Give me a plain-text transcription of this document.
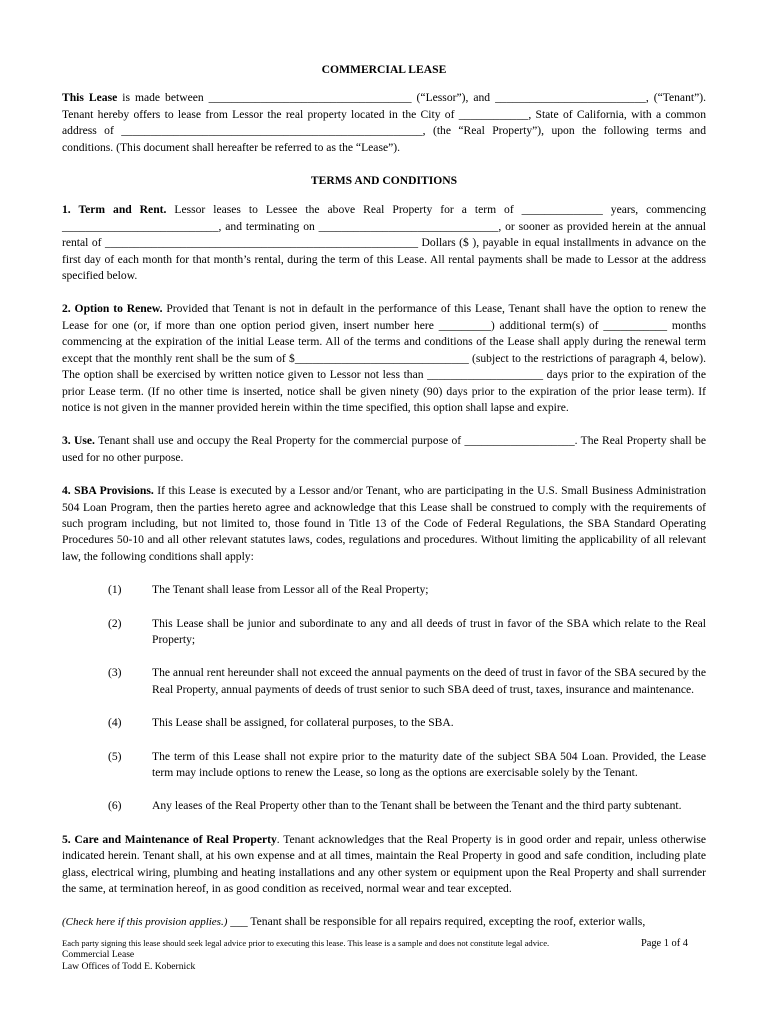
COMMERCIAL LEASE

This Lease is made between ___________________________________ (“Lessor”), and __________________________, (“Tenant”). Tenant hereby offers to lease from Lessor the real property located in the City of ____________, State of California, with a common address of ____________________________________________________, (the “Real Property”), upon the following terms and conditions. (This document shall hereafter be referred to as the “Lease”).

TERMS AND CONDITIONS

1. Term and Rent. Lessor leases to Lessee the above Real Property for a term of ______________ years, commencing ___________________________, and terminating on _______________________________, or sooner as provided herein at the annual rental of ______________________________________________________ Dollars ($ ), payable in equal installments in advance on the first day of each month for that month’s rental, during the term of this Lease. All rental payments shall be made to Lessor at the address specified below.

2. Option to Renew. Provided that Tenant is not in default in the performance of this Lease, Tenant shall have the option to renew the Lease for one (or, if more than one option period given, insert number here _________) additional term(s) of ___________ months commencing at the expiration of the initial Lease term. All of the terms and conditions of the Lease shall apply during the renewal term except that the monthly rent shall be the sum of $______________________________ (subject to the restrictions of paragraph 4, below). The option shall be exercised by written notice given to Lessor not less than ____________________ days prior to the expiration of the prior Lease term. (If no other time is inserted, notice shall be given ninety (90) days prior to the expiration of the prior lease term). If notice is not given in the manner provided herein within the time specified, this option shall lapse and expire.

3. Use. Tenant shall use and occupy the Real Property for the commercial purpose of ___________________. The Real Property shall be used for no other purpose.

4. SBA Provisions. If this Lease is executed by a Lessor and/or Tenant, who are participating in the U.S. Small Business Administration 504 Loan Program, then the parties hereto agree and acknowledge that this Lease shall be construed to comply with the requirements of such program including, but not limited to, those found in Title 13 of the Code of Federal Regulations, the SBA Standard Operating Procedures 50-10 and all other relevant statutes laws, codes, regulations and procedures. Without limiting the applicability of all relevant law, the following conditions shall apply:

(1)	The Tenant shall lease from Lessor all of the Real Property;
(2)	This Lease shall be junior and subordinate to any and all deeds of trust in favor of the SBA which relate to the Real Property;
(3)	The annual rent hereunder shall not exceed the annual payments on the deed of trust in favor of the SBA secured by the Real Property, annual payments of deeds of trust senior to such SBA deed of trust, taxes, insurance and maintenance.
(4)	This Lease shall be assigned, for collateral purposes, to the SBA.
(5)	The term of this Lease shall not expire prior to the maturity date of the subject SBA 504 Loan. Provided, the Lease term may include options to renew the Lease, so long as the options are exercisable solely by the Tenant.
(6)	Any leases of the Real Property other than to the Tenant shall be between the Tenant and the third party subtenant.

5. Care and Maintenance of Real Property. Tenant acknowledges that the Real Property is in good order and repair, unless otherwise indicated herein. Tenant shall, at his own expense and at all times, maintain the Real Property in good and safe condition, including plate glass, electrical wiring, plumbing and heating installations and any other system or equipment upon the Real Property and shall surrender the same, at termination hereof, in as good condition as received, normal wear and tear excepted.

(Check here if this provision applies.) ___ Tenant shall be responsible for all repairs required, excepting the roof, exterior walls,

Each party signing this lease should seek legal advice prior to executing this lease. This lease is a sample and does not constitute legal advice.	Page 1 of 4
Commercial Lease
Law Offices of Todd E. Kobernick
